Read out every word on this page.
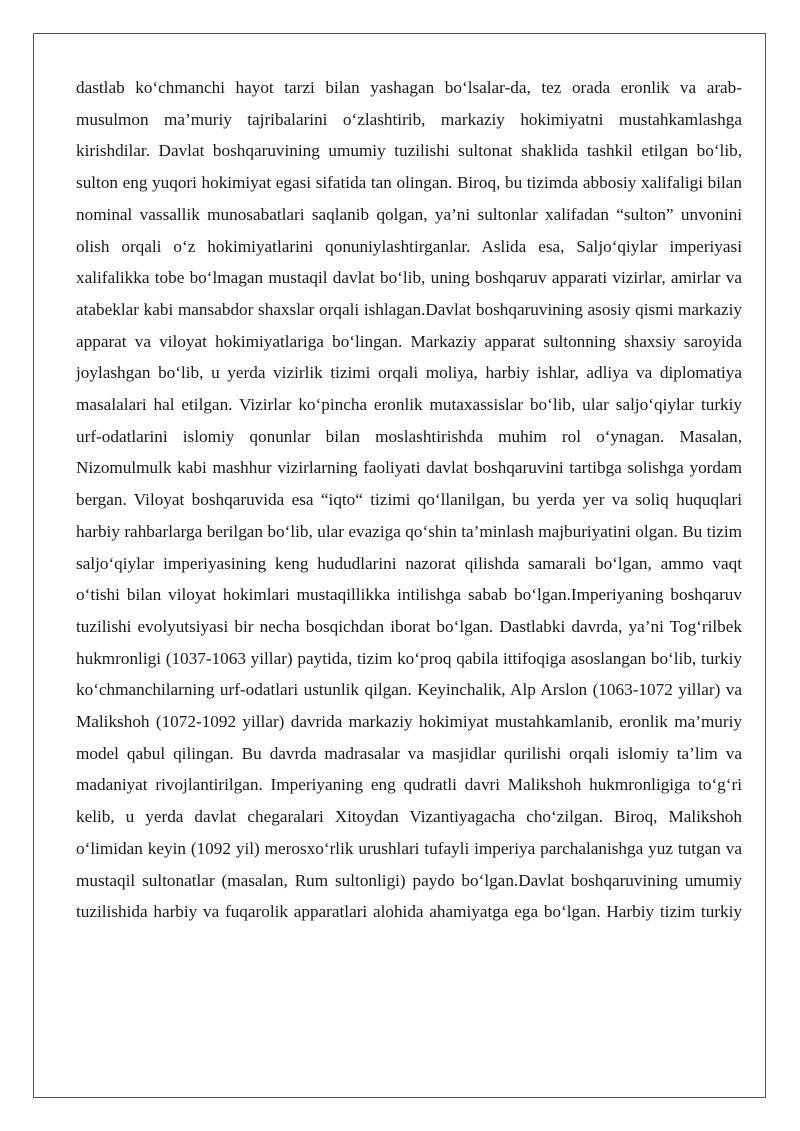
dastlab ko‘chmanchi hayot tarzi bilan yashagan bo‘lsalar-da, tez orada eronlik va arab-musulmon ma’muriy tajribalarini o‘zlashtirib, markaziy hokimiyatni mustahkamlashga kirishdilar. Davlat boshqaruvining umumiy tuzilishi sultonat shaklida tashkil etilgan bo‘lib, sulton eng yuqori hokimiyat egasi sifatida tan olingan. Biroq, bu tizimda abbosiy xalifaligi bilan nominal vassallik munosabatlari saqlanib qolgan, ya’ni sultonlar xalifadan “sulton” unvonini olish orqali o‘z hokimiyatlarini qonuniylashtirganlar. Aslida esa, Saljo‘qiylar imperiyasi xalifalikka tobe bo‘lmagan mustaqil davlat bo‘lib, uning boshqaruv apparati vizirlar, amirlar va atabeklar kabi mansabdor shaxslar orqali ishlagan.Davlat boshqaruvining asosiy qismi markaziy apparat va viloyat hokimiyatlariga bo‘lingan. Markaziy apparat sultonning shaxsiy saroyida joylashgan bo‘lib, u yerda vizirlik tizimi orqali moliya, harbiy ishlar, adliya va diplomatiya masalalari hal etilgan. Vizirlar ko‘pincha eronlik mutaxassislar bo‘lib, ular saljo‘qiylar turkiy urf-odatlarini islomiy qonunlar bilan moslashtirishda muhim rol o‘ynagan. Masalan, Nizomulmulk kabi mashhur vizirlarning faoliyati davlat boshqaruvini tartibga solishga yordam bergan. Viloyat boshqaruvida esa “iqto“ tizimi qo‘llanilgan, bu yerda yer va soliq huquqlari harbiy rahbarlarga berilgan bo‘lib, ular evaziga qo‘shin ta’minlash majburiyatini olgan. Bu tizim saljo‘qiylar imperiyasining keng hududlarini nazorat qilishda samarali bo‘lgan, ammo vaqt o‘tishi bilan viloyat hokimlari mustaqillikka intilishga sabab bo‘lgan.Imperiyaning boshqaruv tuzilishi evolyutsiyasi bir necha bosqichdan iborat bo‘lgan. Dastlabki davrda, ya’ni Tog‘rilbek hukmronligi (1037-1063 yillar) paytida, tizim ko‘proq qabila ittifoqiga asoslangan bo‘lib, turkiy ko‘chmanchilarning urf-odatlari ustunlik qilgan. Keyinchalik, Alp Arslon (1063-1072 yillar) va Malikshoh (1072-1092 yillar) davrida markaziy hokimiyat mustahkamlanib, eronlik ma’muriy model qabul qilingan. Bu davrda madrasalar va masjidlar qurilishi orqali islomiy ta’lim va madaniyat rivojlantirilgan. Imperiyaning eng qudratli davri Malikshoh hukmronligiga to‘g‘ri kelib, u yerda davlat chegaralari Xitoydan Vizantiyagacha cho‘zilgan. Biroq, Malikshoh o‘limidan keyin (1092 yil) merosxo‘rlik urushlari tufayli imperiya parchalanishga yuz tutgan va mustaqil sultonatlar (masalan, Rum sultonligi) paydo bo‘lgan.Davlat boshqaruvining umumiy tuzilishida harbiy va fuqarolik apparatlari alohida ahamiyatga ega bo‘lgan. Harbiy tizim turkiy
